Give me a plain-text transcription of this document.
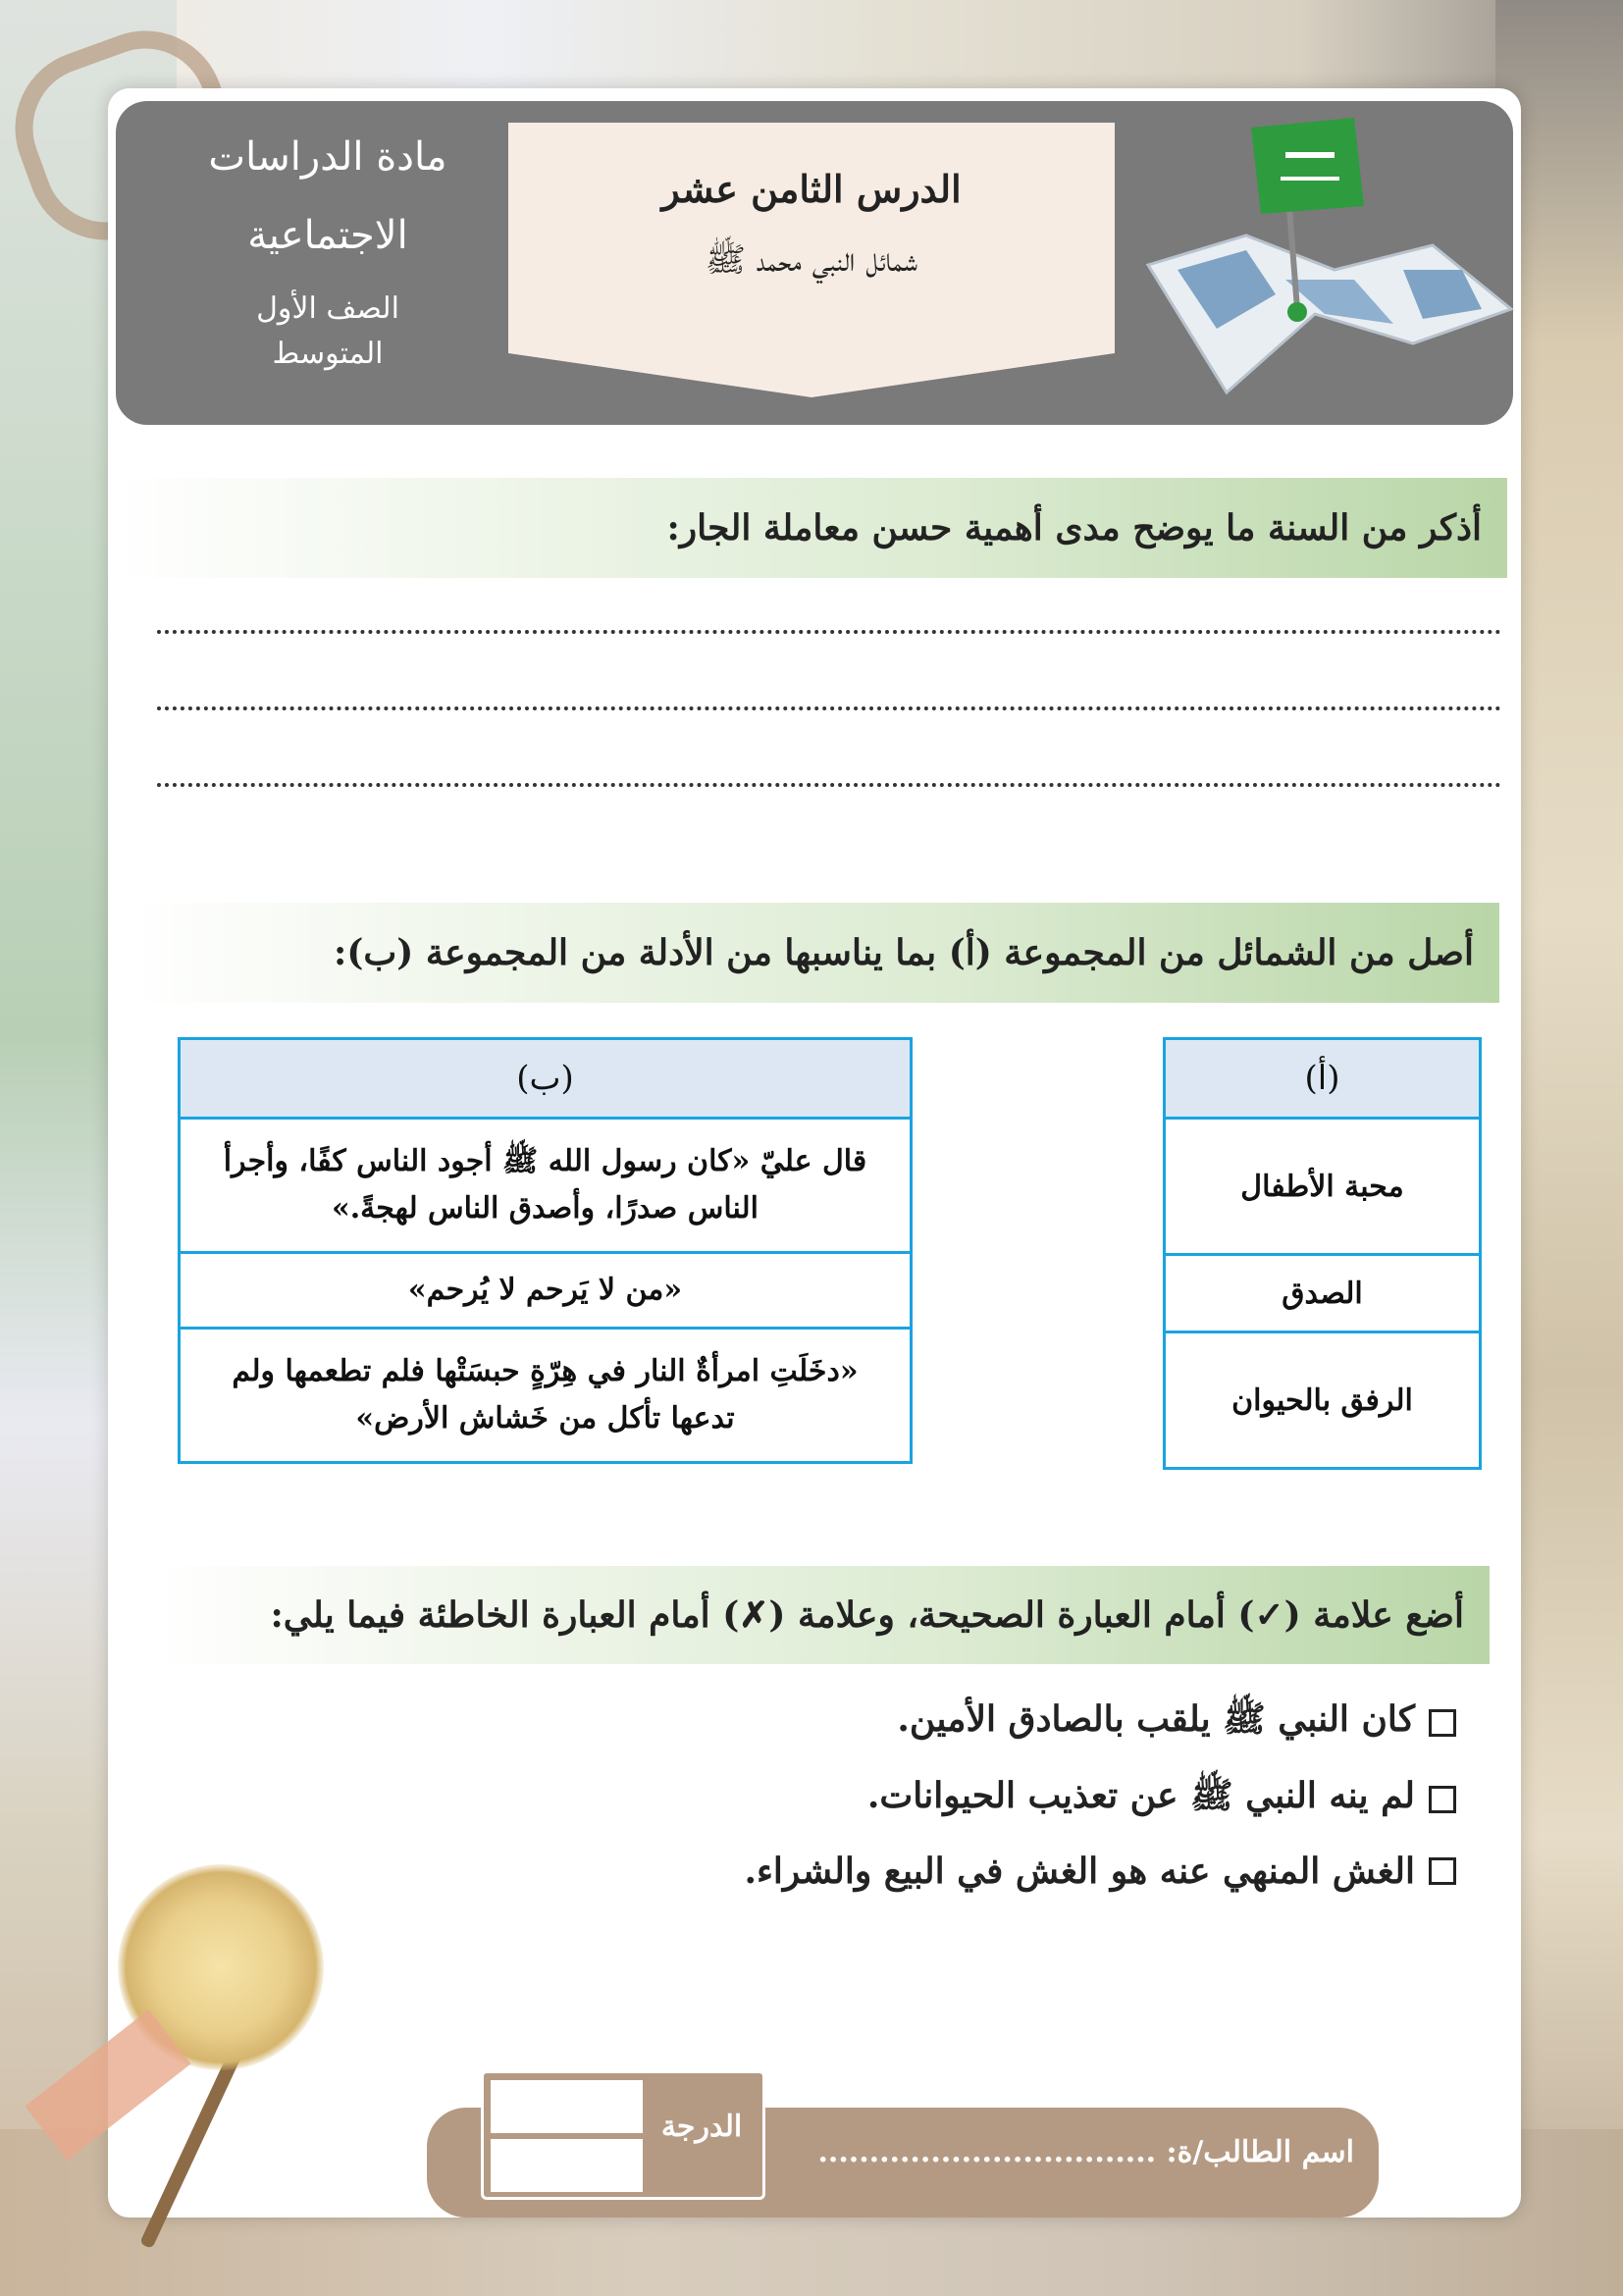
مادة الدراسات
الاجتماعية
الصف الأول المتوسط
الدرس الثامن عشر
شمائل النبي محمد ﷺ
أذكر من السنة ما يوضح مدى أهمية حسن معاملة الجار:
أصل من الشمائل من المجموعة (أ) بما يناسبها من الأدلة من المجموعة (ب):
(أ)
محبة الأطفال
الصدق
الرفق بالحيوان
(ب)
قال عليّ «كان رسول الله ﷺ أجود الناس كفًا، وأجرأ الناس صدرًا، وأصدق الناس لهجةً.»
«من لا يَرحم لا يُرحم»
«دخَلَتِ امرأةٌ النار في هِرّةٍ حبسَتْها فلم تطعمها ولم تدعها تأكل من خَشاش الأرض»
أضع علامة (✓) أمام العبارة الصحيحة، وعلامة (✗) أمام العبارة الخاطئة فيما يلي:
كان النبي ﷺ يلقب بالصادق الأمين.
لم ينه النبي ﷺ عن تعذيب الحيوانات.
الغش المنهي عنه هو الغش في البيع والشراء.
الدرجة
اسم الطالب/ة: .................................
